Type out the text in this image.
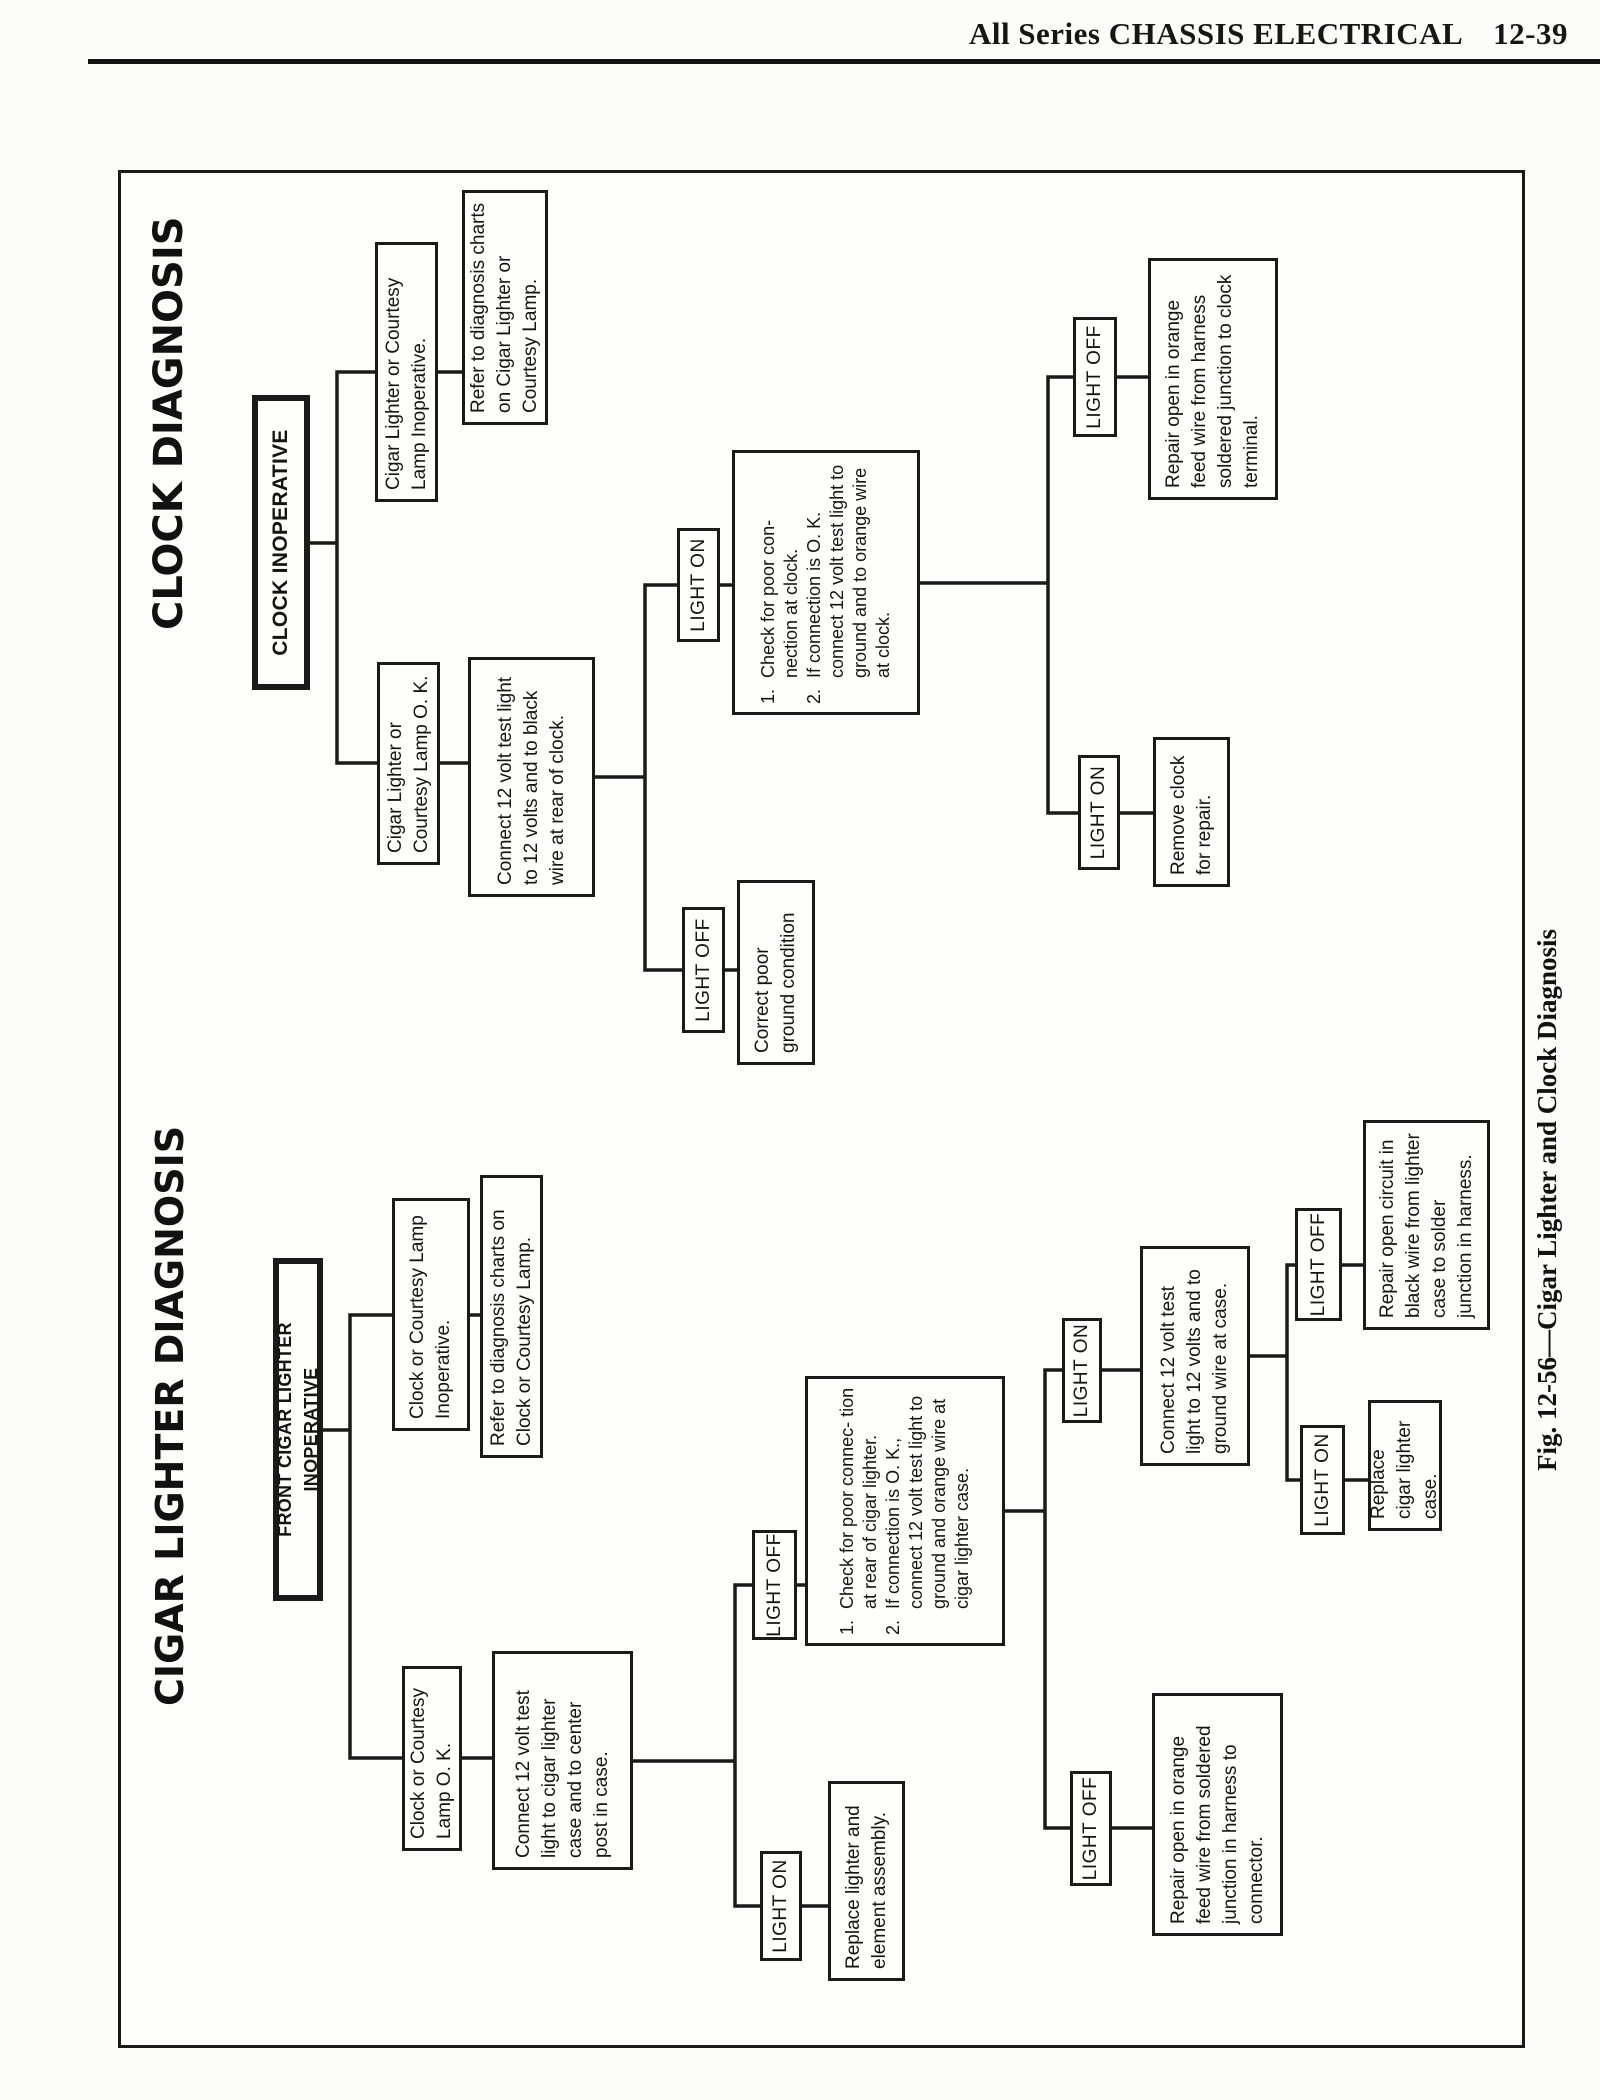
All Series CHASSIS ELECTRICAL 12-39
CLOCK DIAGNOSIS	CLOCK INOPERATIVE
Cigar Lighter or Courtesy Lamp O. K.
Cigar Lighter or Courtesy Lamp Inoperative.
Refer to diagnosis charts on Cigar Lighter or Courtesy Lamp.
Connect 12 volt test light to 12 volts and to black wire at rear of clock.
LIGHT ON
LIGHT OFF
1.
Check for poor con- nection at clock.
2.
If connection is O. K. connect 12 volt test light to ground and to orange wire at clock.
Correct poor ground condition
LIGHT ON
LIGHT OFF
Remove clock for repair.
Repair open in orange feed wire from harness soldered junction to clock terminal.
CIGAR LIGHTER DIAGNOSIS	FRONT CIGAR LIGHTER INOPERATIVE
Clock or Courtesy Lamp Inoperative.
Clock or Courtesy Lamp O. K.
Refer to diagnosis charts on Clock or Courtesy Lamp.
Connect 12 volt test light to cigar lighter case and to center post in case.
LIGHT ON
LIGHT OFF
Replace lighter and element assembly.
1.
Check for poor connec- tion at rear of cigar lighter.
2.
If connection is O. K., connect 12 volt test light to ground and orange wire at cigar lighter case.
LIGHT ON
LIGHT OFF
Connect 12 volt test light to 12 volts and to ground wire at case.
Repair open in orange feed wire from soldered junction in harness to connector.
LIGHT ON
LIGHT OFF
Replace cigar lighter case.
Repair open circuit in black wire from lighter case to solder junction in harness.	Fig. 12-56—Cigar Lighter and Clock Diagnosis
